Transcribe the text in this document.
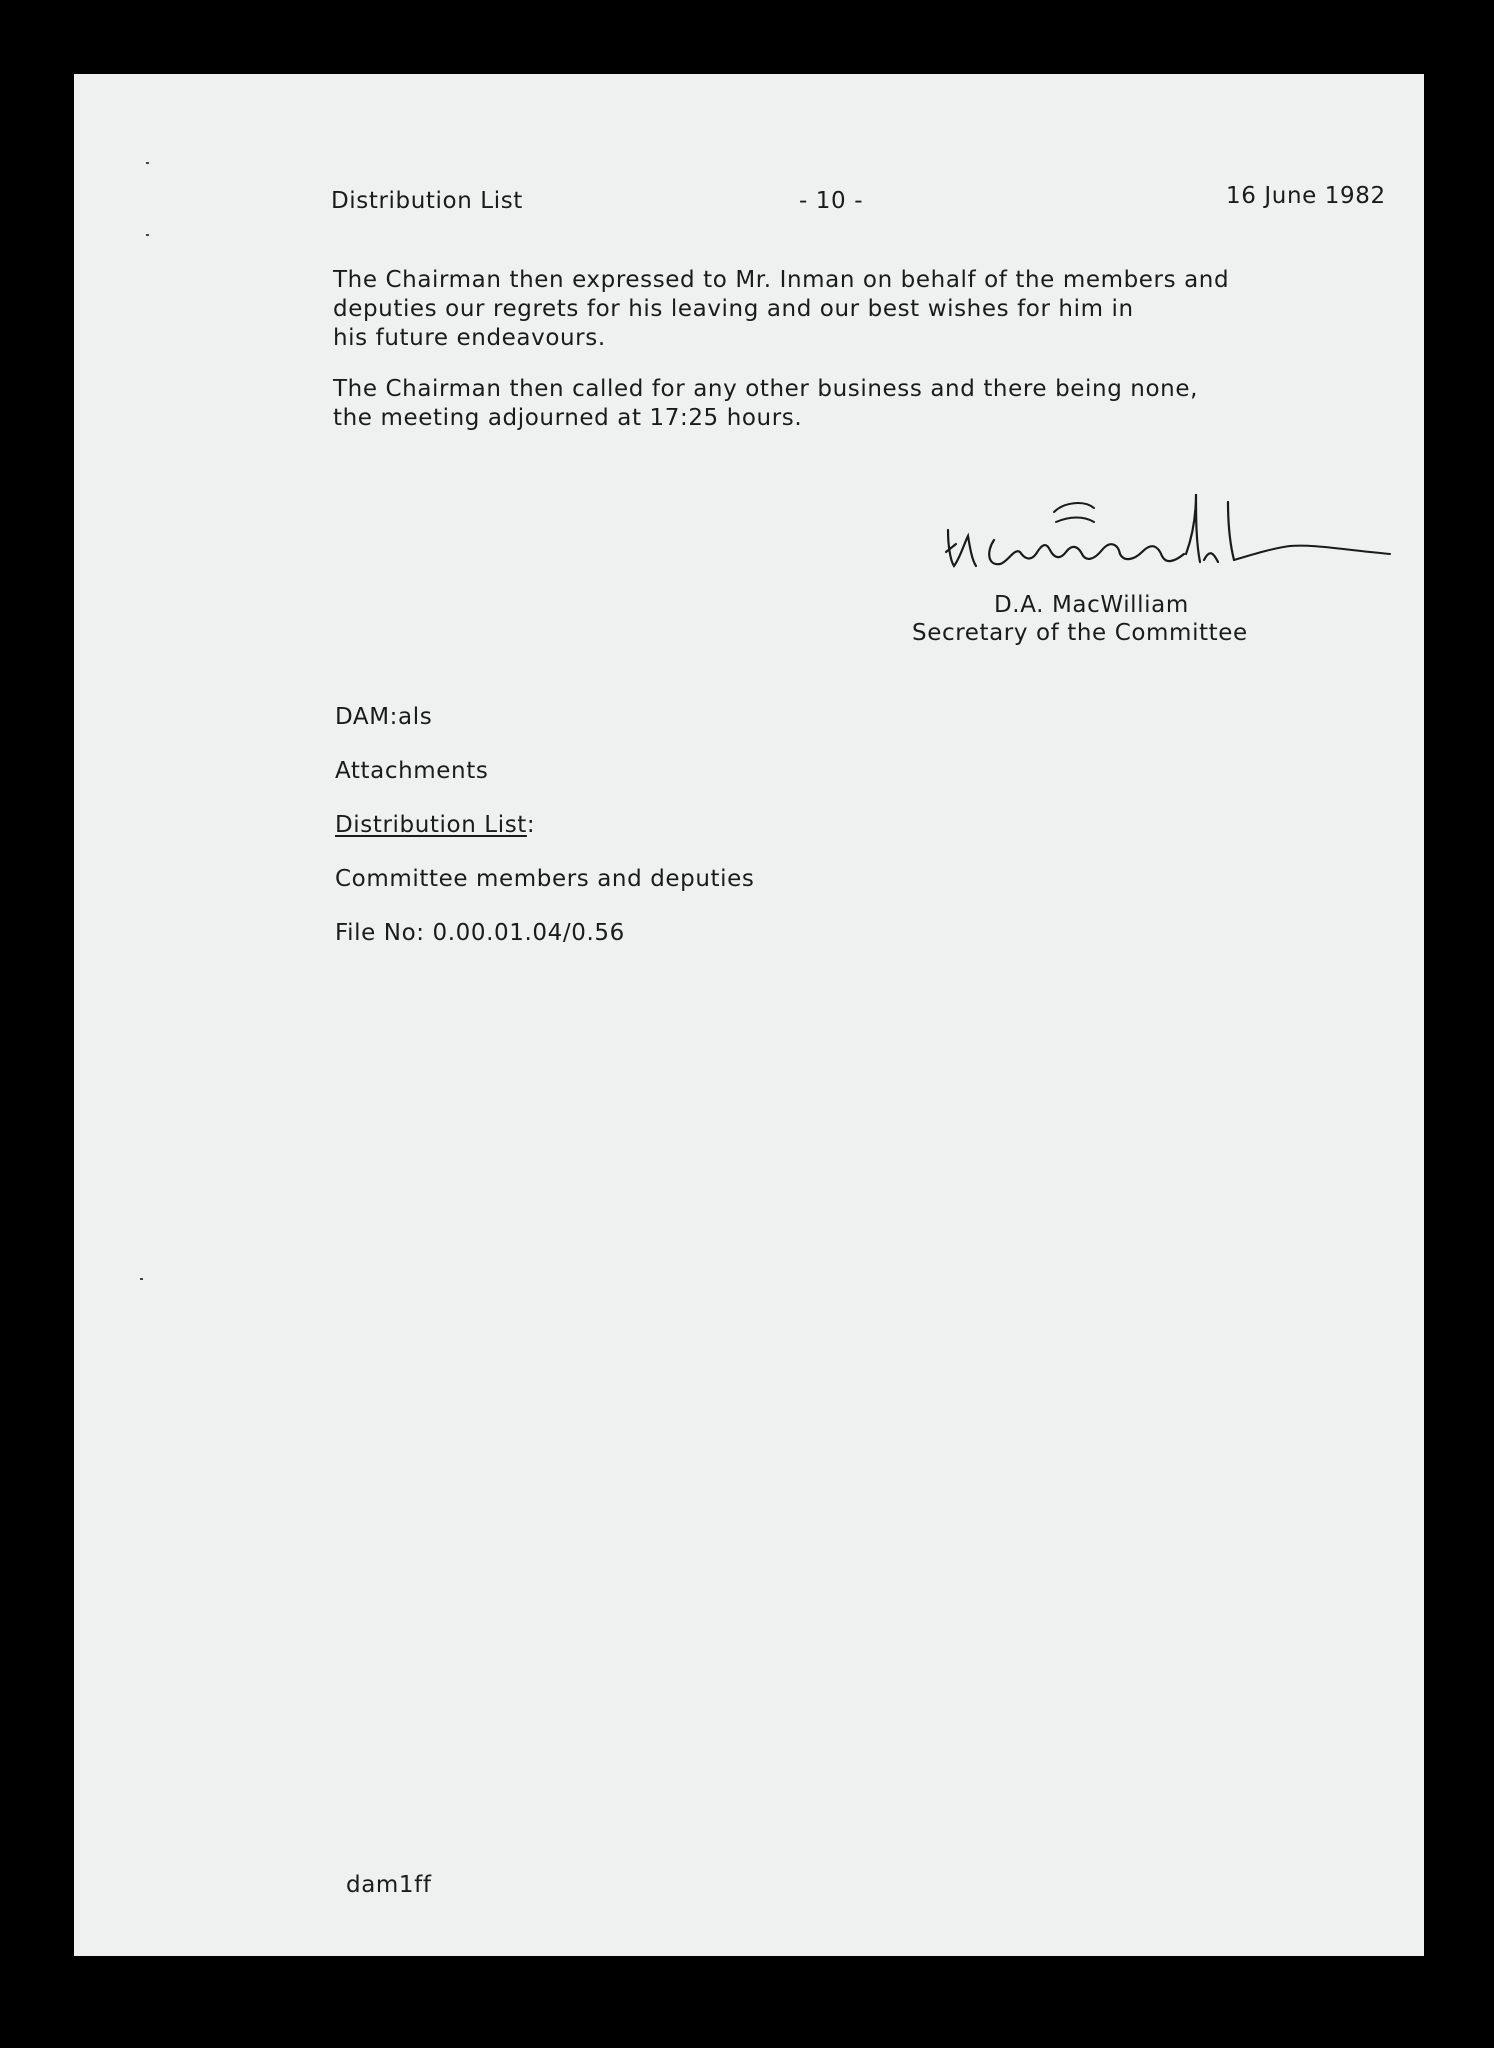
Distribution List	- 10 -	16 June 1982
The Chairman then expressed to Mr. Inman on behalf of the members and
deputies our regrets for his leaving and our best wishes for him in
his future endeavours.
The Chairman then called for any other business and there being none,
the meeting adjourned at 17:25 hours.
D.A. MacWilliam
Secretary of the Committee
DAM:als
Attachments
Distribution List:
Committee members and deputies
File No: 0.00.01.04/0.56
dam1ff
